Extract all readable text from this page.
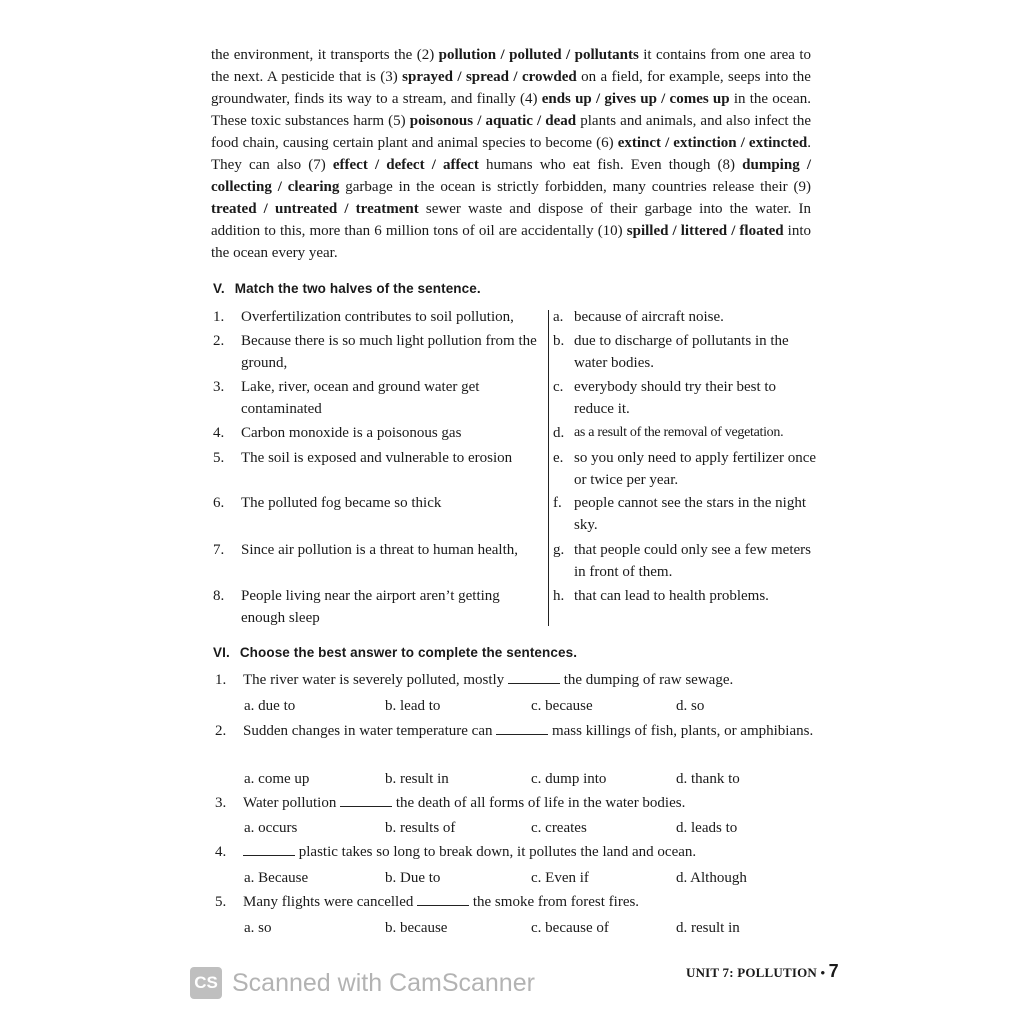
the environment, it transports the (2) pollution / polluted / pollutants it contains from one area to the next. A pesticide that is (3) sprayed / spread / crowded on a field, for example, seeps into the groundwater, finds its way to a stream, and finally (4) ends up / gives up / comes up in the ocean. These toxic substances harm (5) poisonous / aquatic / dead plants and animals, and also infect the food chain, causing certain plant and animal species to become (6) extinct / extinction / extincted. They can also (7) effect / defect / affect humans who eat fish. Even though (8) dumping / collecting / clearing garbage in the ocean is strictly forbidden, many countries release their (9) treated / untreated / treatment sewer waste and dispose of their garbage into the water. In addition to this, more than 6 million tons of oil are accidentally (10) spilled / littered / floated into the ocean every year.
V. Match the two halves of the sentence.
1.	Overfertilization contributes to soil pollution,	a. because of aircraft noise.
2.	Because there is so much light pollution from the ground,
b. due to discharge of pollutants in the water bodies.
3.	Lake, river, ocean and ground water get contaminated
c. everybody should try their best to reduce it.
4.	Carbon monoxide is a poisonous gas	d. as a result of the removal of vegetation.
5.	The soil is exposed and vulnerable to erosion	e. so you only need to apply fertilizer once or twice per year.
6.	The polluted fog became so thick	f. people cannot see the stars in the night sky.
7.	Since air pollution is a threat to human health,	g. that people could only see a few meters in front of them.
8.	People living near the airport aren’t getting enough sleep
h. that can lead to health problems.
VI. Choose the best answer to complete the sentences.
1.	The river water is severely polluted, mostly	the dumping of raw sewage.
a. due to	b. lead to	c. because	d. so
2.	Sudden changes in water temperature can	mass killings of fish, plants, or amphibians.
a. come up	b. result in	c. dump into	d. thank to
3.	Water pollution	the death of all forms of life in the water bodies.
a. occurs	b. results of	c. creates	d. leads to
4.	plastic takes so long to break down, it pollutes the land and ocean.
a. Because	b. Due to	c. Even if	d. Although
5.	Many flights were cancelled	the smoke from forest fires.
a. so	b. because	c. because of	d. result in
UNIT 7: POLLUTION • 7
CS Scanned with CamScanner
